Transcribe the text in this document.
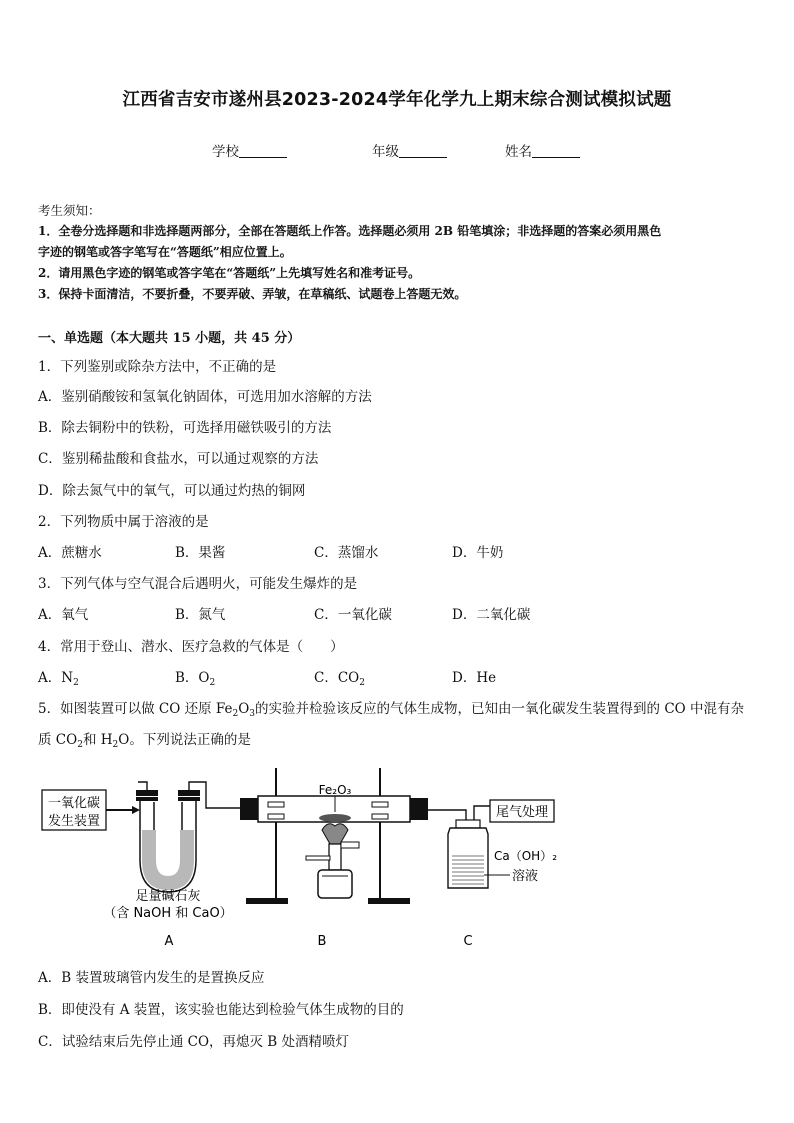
江西省吉安市遂州县2023-2024学年化学九上期末综合测试模拟试题
学校	年级	姓名
考生须知：
1．全卷分选择题和非选择题两部分，全部在答题纸上作答。选择题必须用 2B 铅笔填涂；非选择题的答案必须用黑色
字迹的钢笔或答字笔写在“答题纸”相应位置上。
2．请用黑色字迹的钢笔或答字笔在“答题纸”上先填写姓名和准考证号。
3．保持卡面清洁，不要折叠，不要弄破、弄皱，在草稿纸、试题卷上答题无效。
一、单选题（本大题共 15 小题，共 45 分）
1．下列鉴别或除杂方法中，不正确的是
A．鉴别硝酸铵和氢氧化钠固体，可选用加水溶解的方法
B．除去铜粉中的铁粉，可选择用磁铁吸引的方法
C．鉴别稀盐酸和食盐水，可以通过观察的方法
D．除去氮气中的氧气，可以通过灼热的铜网
2．下列物质中属于溶液的是
A．蔗糖水	B．果酱	C．蒸馏水	D．牛奶
3．下列气体与空气混合后遇明火，可能发生爆炸的是
A．氧气	B．氮气	C．一氧化碳	D．二氧化碳
4．常用于登山、潜水、医疗急救的气体是（　　）
A．$N_2$	B．$O_2$	C．$CO_2$	D．He
5．如图装置可以做 CO 还原 $Fe_2O_3$的实验并检验该反应的气体生成物，已知由一氧化碳发生装置得到的 CO 中混有杂
质 $CO_2$和 $H_2O$。下列说法正确的是
一氧化碳
发生装置
足量碱石灰
（含 NaOH 和 CaO）
Fe₂O₃
尾气处理
Ca（OH）₂
溶液
A	B	C
A．B 装置玻璃管内发生的是置换反应
B．即使没有 A 装置，该实验也能达到检验气体生成物的目的
C．试验结束后先停止通 CO，再熄灭 B 处酒精喷灯
